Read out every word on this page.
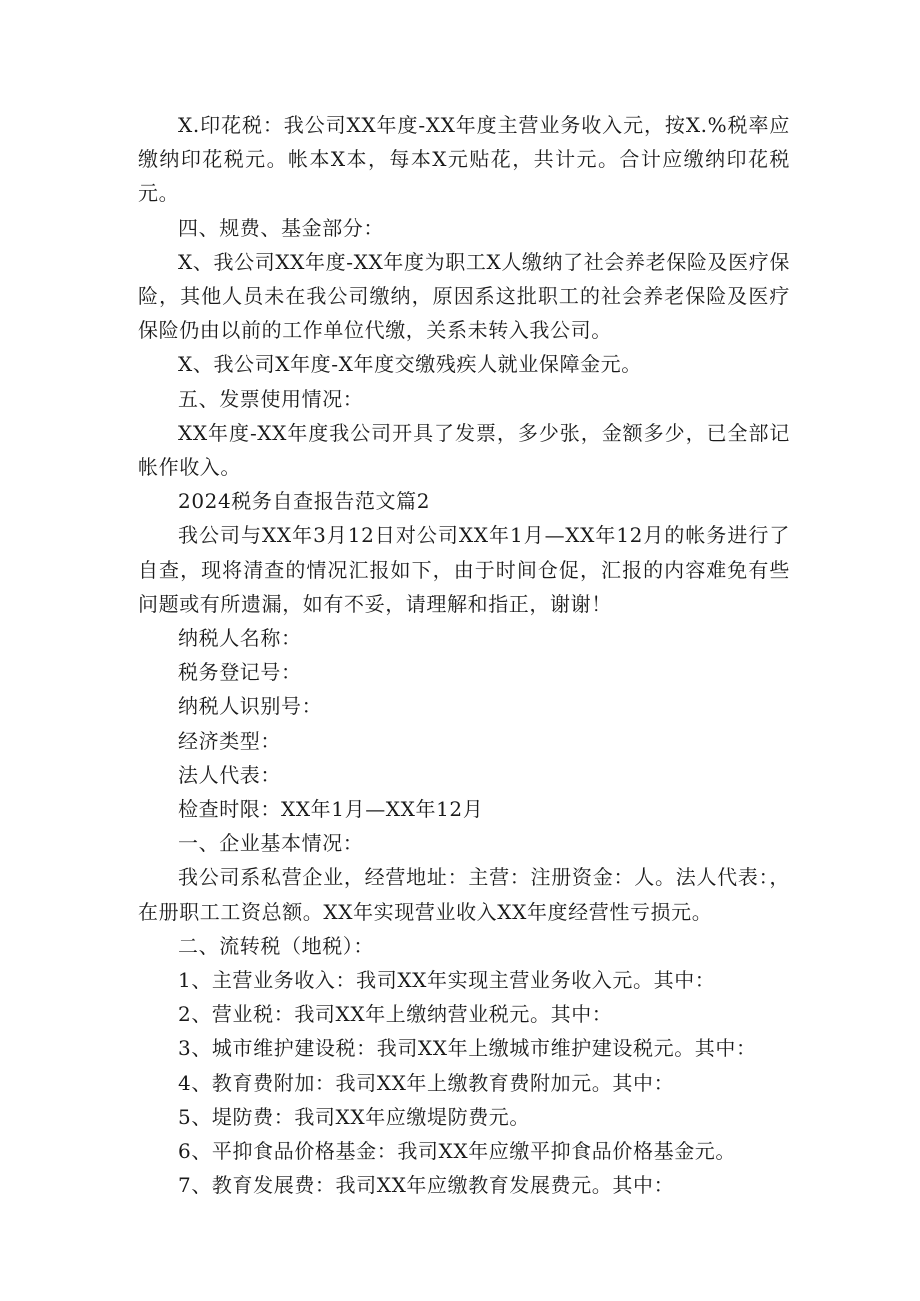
X.印花税：我公司XX年度-XX年度主营业务收入元，按X.%税率应缴纳印花税元。帐本X本，每本X元贴花，共计元。合计应缴纳印花税元。

四、规费、基金部分：

X、我公司XX年度-XX年度为职工X人缴纳了社会养老保险及医疗保险，其他人员未在我公司缴纳，原因系这批职工的社会养老保险及医疗保险仍由以前的工作单位代缴，关系未转入我公司。

X、我公司X年度-X年度交缴残疾人就业保障金元。

五、发票使用情况：

XX年度-XX年度我公司开具了发票，多少张，金额多少，已全部记帐作收入。

2024税务自查报告范文篇2

我公司与XX年3月12日对公司XX年1月—XX年12月的帐务进行了自查，现将清查的情况汇报如下，由于时间仓促，汇报的内容难免有些问题或有所遗漏，如有不妥，请理解和指正，谢谢！

纳税人名称：

税务登记号：

纳税人识别号：

经济类型：

法人代表：

检查时限：XX年1月—XX年12月

一、企业基本情况：

我公司系私营企业，经营地址：主营：注册资金：人。法人代表：，在册职工工资总额。XX年实现营业收入XX年度经营性亏损元。

二、流转税（地税）：

1、主营业务收入：我司XX年实现主营业务收入元。其中：

2、营业税：我司XX年上缴纳营业税元。其中：

3、城市维护建设税：我司XX年上缴城市维护建设税元。其中：

4、教育费附加：我司XX年上缴教育费附加元。其中：

5、堤防费：我司XX年应缴堤防费元。

6、平抑食品价格基金：我司XX年应缴平抑食品价格基金元。

7、教育发展费：我司XX年应缴教育发展费元。其中：
